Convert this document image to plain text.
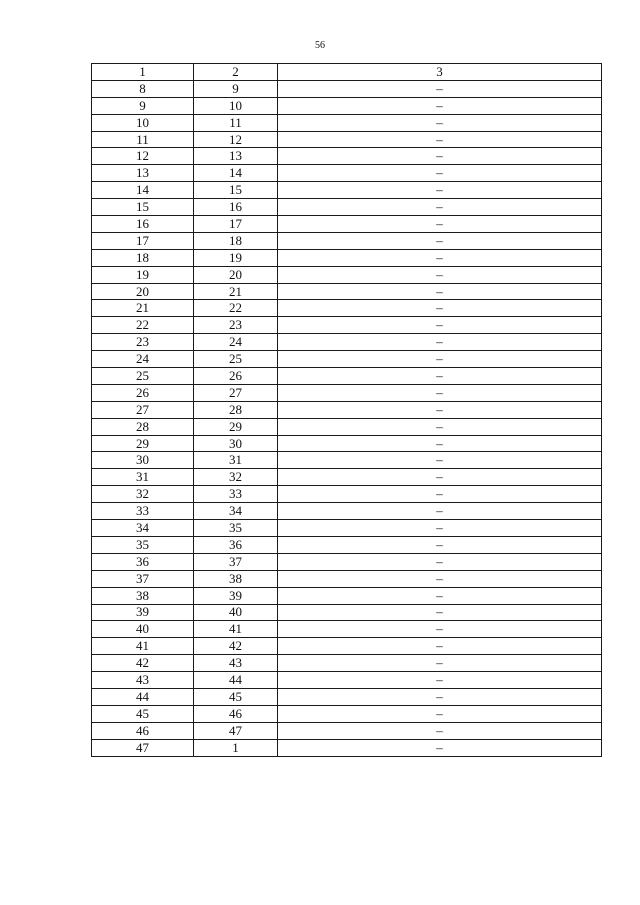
56
1	2	3
8	9	–
9	10	–
10	11	–
11	12	–
12	13	–
13	14	–
14	15	–
15	16	–
16	17	–
17	18	–
18	19	–
19	20	–
20	21	–
21	22	–
22	23	–
23	24	–
24	25	–
25	26	–
26	27	–
27	28	–
28	29	–
29	30	–
30	31	–
31	32	–
32	33	–
33	34	–
34	35	–
35	36	–
36	37	–
37	38	–
38	39	–
39	40	–
40	41	–
41	42	–
42	43	–
43	44	–
44	45	–
45	46	–
46	47	–
47	1	–
